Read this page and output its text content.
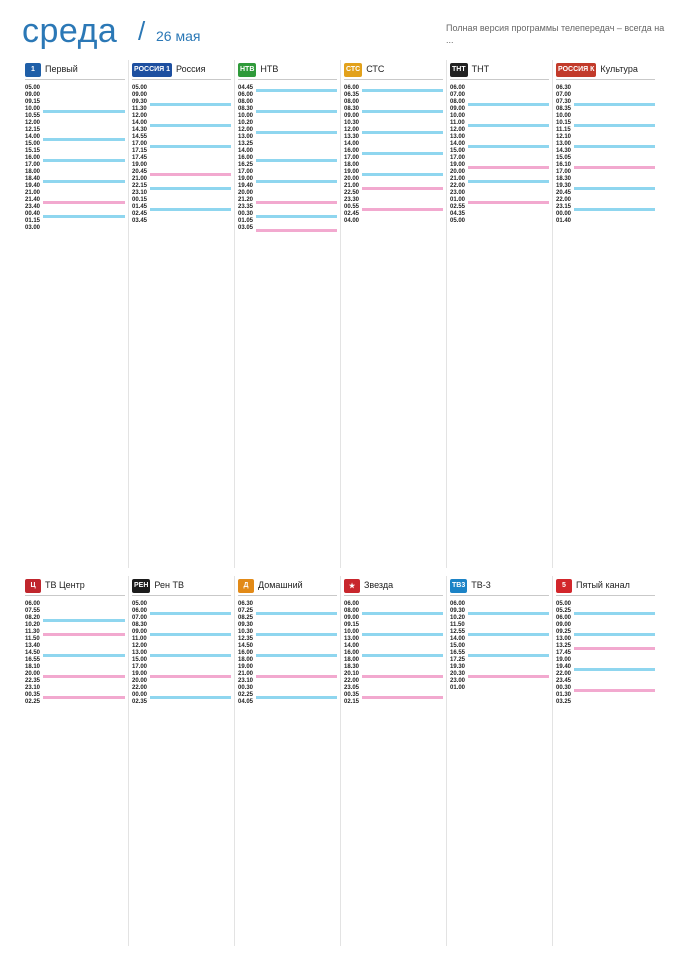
среда / 26 мая	Полная версия программы телепередач – всегда на ...
1	Первый
05.00
09.00
09.15
10.00
10.55
12.00
12.15
14.00
15.00
15.15
16.00
17.00
18.00
18.40
19.40
21.00
21.40
23.40
00.40
01.15
03.00
РОССИЯ 1 Россия
05.00
09.00
09.30
11.30
12.00
14.00
14.30
14.55
17.00
17.15
17.45
19.00
20.45
21.00
22.15
23.10
00.15
01.45
02.45
03.45
НТВ НТВ
04.45
06.00
08.00
08.30
10.00
10.20
12.00
13.00
13.25
14.00
16.00
16.25
17.00
19.00
19.40
20.00
21.20
23.35
00.30
01.05
03.05
СТС СТС
06.00
06.35
08.00
08.30
09.00
10.30
12.00
13.30
14.00
16.00
17.00
18.00
19.00
20.00
21.00
22.50
23.30
00.55
02.45
04.00
ТНТ ТНТ
06.00
07.00
08.00
09.00
10.00
11.00
12.00
13.00
14.00
15.00
17.00
19.00
20.00
21.00
22.00
23.00
01.00
02.55
04.35
05.00
РОССИЯ К Культура
06.30
07.00
07.30
08.35
10.00
10.15
11.15
12.10
13.00
14.30
15.05
16.10
17.00
18.30
19.30
20.45
22.00
23.15
00.00
01.40
Ц	ТВ Центр
06.00
07.55
08.20
10.20
11.30
11.50
13.40
14.50
16.55
18.10
20.00
22.35
23.10
00.35
02.25
РЕН Рен ТВ
05.00
06.00
07.00
08.30
09.00
11.00
12.00
13.00
15.00
17.00
19.00
20.00
22.00
00.00
02.35
Д	Домашний
06.30
07.25
08.25
09.30
10.30
12.35
14.50
16.00
18.00
19.00
21.00
23.10
00.30
02.25
04.05
★ Звезда
06.00
08.00
09.00
09.15
10.00
13.00
14.00
16.00
18.00
18.30
20.10
22.00
23.05
00.35
02.15
ТВ3 ТВ-3
06.00
09.30
10.20
11.50
12.55
14.00
15.00
16.55
17.25
19.30
20.30
23.00
01.00
5	Пятый канал
05.00
05.25
06.00
09.00
09.25
13.00
13.25
17.45
19.00
19.40
22.00
23.45
00.30
01.30
03.25
